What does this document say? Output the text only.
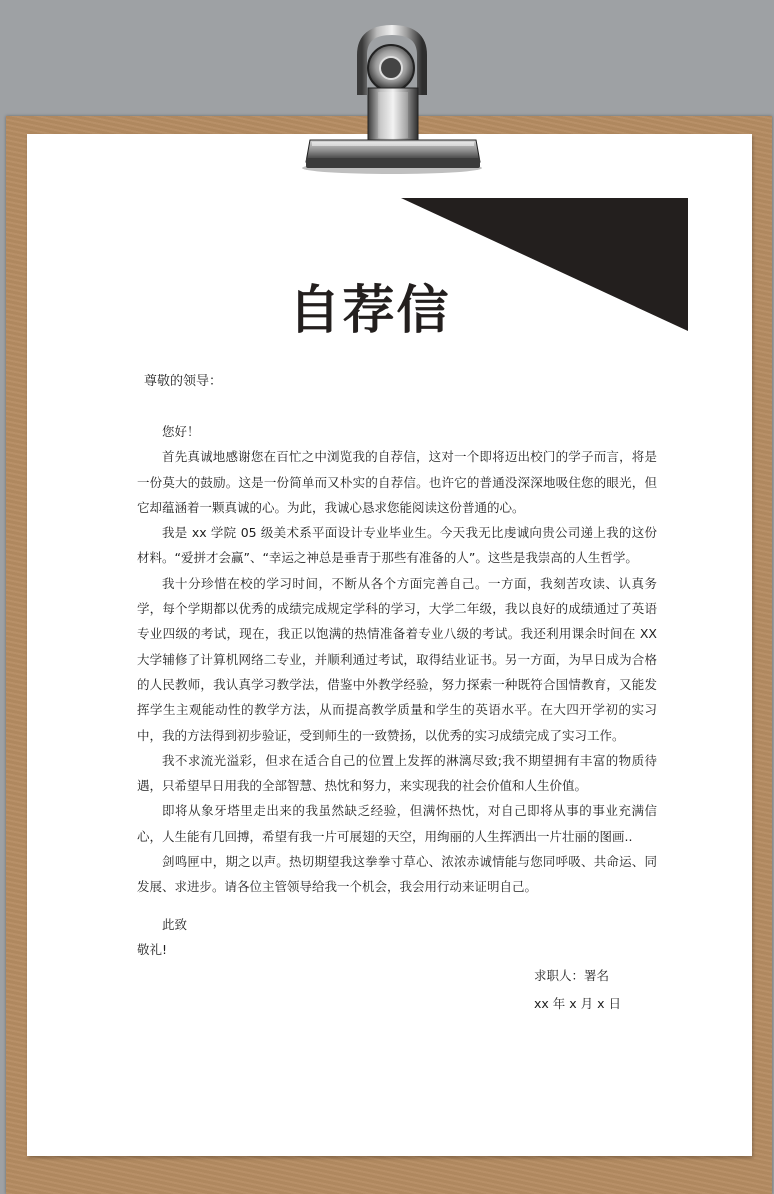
自荐信
尊敬的领导：

您好！

首先真诚地感谢您在百忙之中浏览我的自荐信，这对一个即将迈出校门的学子而言，将是一份莫大的鼓励。这是一份简单而又朴实的自荐信。也许它的普通没深深地吸住您的眼光，但它却蕴涵着一颗真诚的心。为此，我诚心恳求您能阅读这份普通的心。

我是 xx 学院 05 级美术系平面设计专业毕业生。今天我无比虔诚向贵公司递上我的这份材料。“爱拼才会赢”、“幸运之神总是垂青于那些有准备的人”。这些是我崇高的人生哲学。

我十分珍惜在校的学习时间，不断从各个方面完善自己。一方面，我刻苦攻读、认真务学，每个学期都以优秀的成绩完成规定学科的学习，大学二年级，我以良好的成绩通过了英语专业四级的考试，现在，我正以饱满的热情准备着专业八级的考试。我还利用课余时间在 XX 大学辅修了计算机网络二专业，并顺利通过考试，取得结业证书。另一方面，为早日成为合格的人民教师，我认真学习教学法，借鉴中外教学经验，努力探索一种既符合国情教育，又能发挥学生主观能动性的教学方法，从而提高教学质量和学生的英语水平。在大四开学初的实习中，我的方法得到初步验证，受到师生的一致赞扬，以优秀的实习成绩完成了实习工作。

我不求流光溢彩，但求在适合自己的位置上发挥的淋漓尽致;我不期望拥有丰富的物质待遇，只希望早日用我的全部智慧、热忱和努力，来实现我的社会价值和人生价值。

即将从象牙塔里走出来的我虽然缺乏经验，但满怀热忱，对自己即将从事的事业充满信心，人生能有几回搏，希望有我一片可展翅的天空，用绚丽的人生挥洒出一片壮丽的图画..

剑鸣匣中，期之以声。热切期望我这拳拳寸草心、浓浓赤诚情能与您同呼吸、共命运、同发展、求进步。请各位主管领导给我一个机会，我会用行动来证明自己。

此致
敬礼!
求职人：署名
xx 年 x 月 x 日
